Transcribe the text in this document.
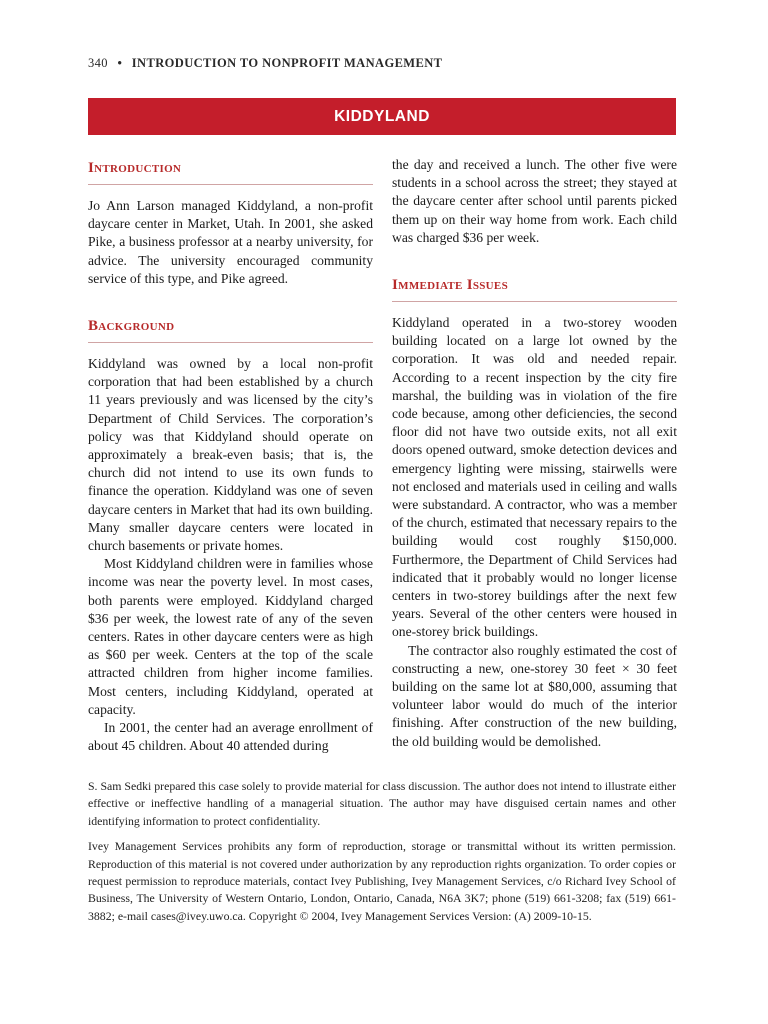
340 • INTRODUCTION TO NONPROFIT MANAGEMENT
KIDDYLAND
Introduction

Jo Ann Larson managed Kiddyland, a non-profit daycare center in Market, Utah. In 2001, she asked Pike, a business professor at a nearby university, for advice. The university encouraged community service of this type, and Pike agreed.

Background

Kiddyland was owned by a local non-profit corporation that had been established by a church 11 years previously and was licensed by the city’s Department of Child Services. The corporation’s policy was that Kiddyland should operate on approximately a break-even basis; that is, the church did not intend to use its own funds to finance the operation. Kiddyland was one of seven daycare centers in Market that had its own building. Many smaller daycare centers were located in church basements or private homes.

Most Kiddyland children were in families whose income was near the poverty level. In most cases, both parents were employed. Kiddyland charged $36 per week, the lowest rate of any of the seven centers. Rates in other daycare centers were as high as $60 per week. Centers at the top of the scale attracted children from higher income families. Most centers, including Kiddyland, operated at capacity.

In 2001, the center had an average enrollment of about 45 children. About 40 attended during

the day and received a lunch. The other five were students in a school across the street; they stayed at the daycare center after school until parents picked them up on their way home from work. Each child was charged $36 per week.

Immediate Issues

Kiddyland operated in a two-storey wooden building located on a large lot owned by the corporation. It was old and needed repair. According to a recent inspection by the city fire marshal, the building was in violation of the fire code because, among other deficiencies, the second floor did not have two outside exits, not all exit doors opened outward, smoke detection devices and emergency lighting were missing, stairwells were not enclosed and materials used in ceiling and walls were substandard. A contractor, who was a member of the church, estimated that necessary repairs to the building would cost roughly $150,000. Furthermore, the Department of Child Services had indicated that it probably would no longer license centers in two-storey buildings after the next few years. Several of the other centers were housed in one-storey brick buildings.

The contractor also roughly estimated the cost of constructing a new, one-storey 30 feet × 30 feet building on the same lot at $80,000, assuming that volunteer labor would do much of the interior finishing. After construction of the new building, the old building would be demolished.

S. Sam Sedki prepared this case solely to provide material for class discussion. The author does not intend to illustrate either effective or ineffective handling of a managerial situation. The author may have disguised certain names and other identifying information to protect confidentiality.

Ivey Management Services prohibits any form of reproduction, storage or transmittal without its written permission. Reproduction of this material is not covered under authorization by any reproduction rights organization. To order copies or request permission to reproduce materials, contact Ivey Publishing, Ivey Management Services, c/o Richard Ivey School of Business, The University of Western Ontario, London, Ontario, Canada, N6A 3K7; phone (519) 661-3208; fax (519) 661-3882; e-mail cases@ivey.uwo.ca. Copyright © 2004, Ivey Management Services Version: (A) 2009-10-15.
